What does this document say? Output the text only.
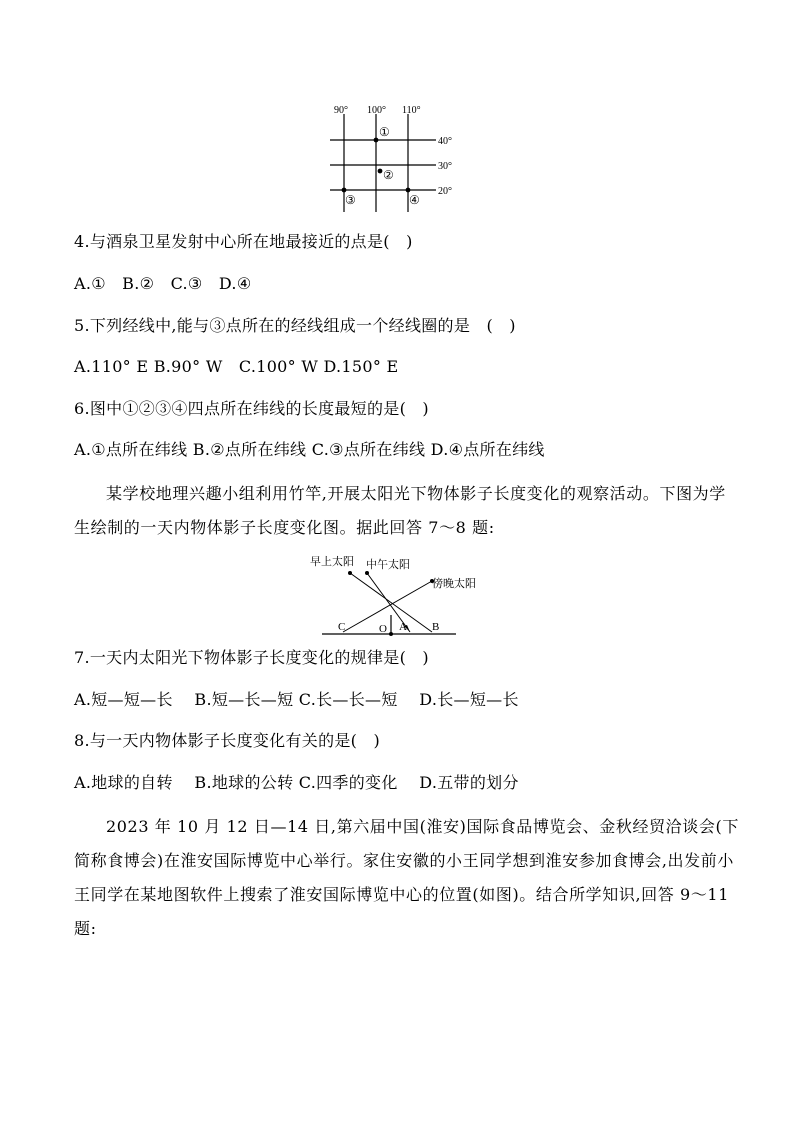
90° 100° 110°
40°
30°
20°
①
②
③	④
4.与酒泉卫星发射中心所在地最接近的点是(　)
A.①　B.②　C.③　D.④
5.下列经线中,能与③点所在的经线组成一个经线圈的是　(　)
A.110° E B.90° W　C.100° W D.150° E
6.图中①②③④四点所在纬线的长度最短的是(　)
A.①点所在纬线 B.②点所在纬线 C.③点所在纬线 D.④点所在纬线
某学校地理兴趣小组利用竹竿,开展太阳光下物体影子长度变化的观察活动。下图为学生绘制的一天内物体影子长度变化图。据此回答 7～8 题:
早上太阳 中午太阳
傍晚太阳
C	O A B
7.一天内太阳光下物体影子长度变化的规律是(　)
A.短—短—长　 B.短—长—短 C.长—长—短　 D.长—短—长
8.与一天内物体影子长度变化有关的是(　)
A.地球的自转　 B.地球的公转 C.四季的变化　 D.五带的划分
2023 年 10 月 12 日—14 日,第六届中国(淮安)国际食品博览会、金秋经贸洽谈会(下简称食博会)在淮安国际博览中心举行。家住安徽的小王同学想到淮安参加食博会,出发前小王同学在某地图软件上搜索了淮安国际博览中心的位置(如图)。结合所学知识,回答 9～11 题:
